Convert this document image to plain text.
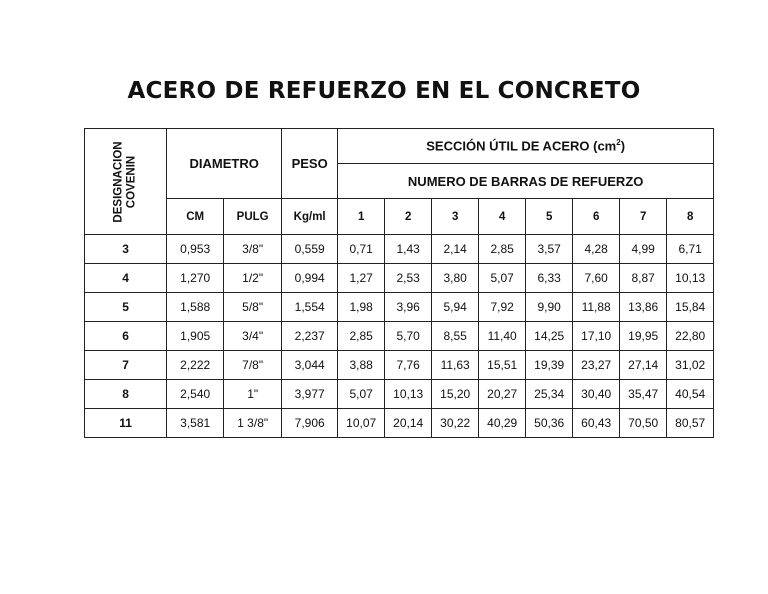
ACERO DE REFUERZO EN EL CONCRETO
DESIGNACION
COVENIN	DIAMETRO		PESO	SECCIÓN ÚTIL DE ACERO $(cm^2)$							
				NUMERO DE BARRAS DE REFUERZO							
	CM	PULG	Kg/ml	1	2	3	4	5	6	7	8
3	0,953	3/8"	0,559	0,71	1,43	2,14	2,85	3,57	4,28	4,99	6,71
4	1,270	1/2"	0,994	1,27	2,53	3,80	5,07	6,33	7,60	8,87	10,13
5	1,588	5/8"	1,554	1,98	3,96	5,94	7,92	9,90	11,88	13,86	15,84
6	1,905	3/4"	2,237	2,85	5,70	8,55	11,40	14,25	17,10	19,95	22,80
7	2,222	7/8"	3,044	3,88	7,76	11,63	15,51	19,39	23,27	27,14	31,02
8	2,540	1"	3,977	5,07	10,13	15,20	20,27	25,34	30,40	35,47	40,54
11	3,581	1 3/8"	7,906	10,07	20,14	30,22	40,29	50,36	60,43	70,50	80,57
